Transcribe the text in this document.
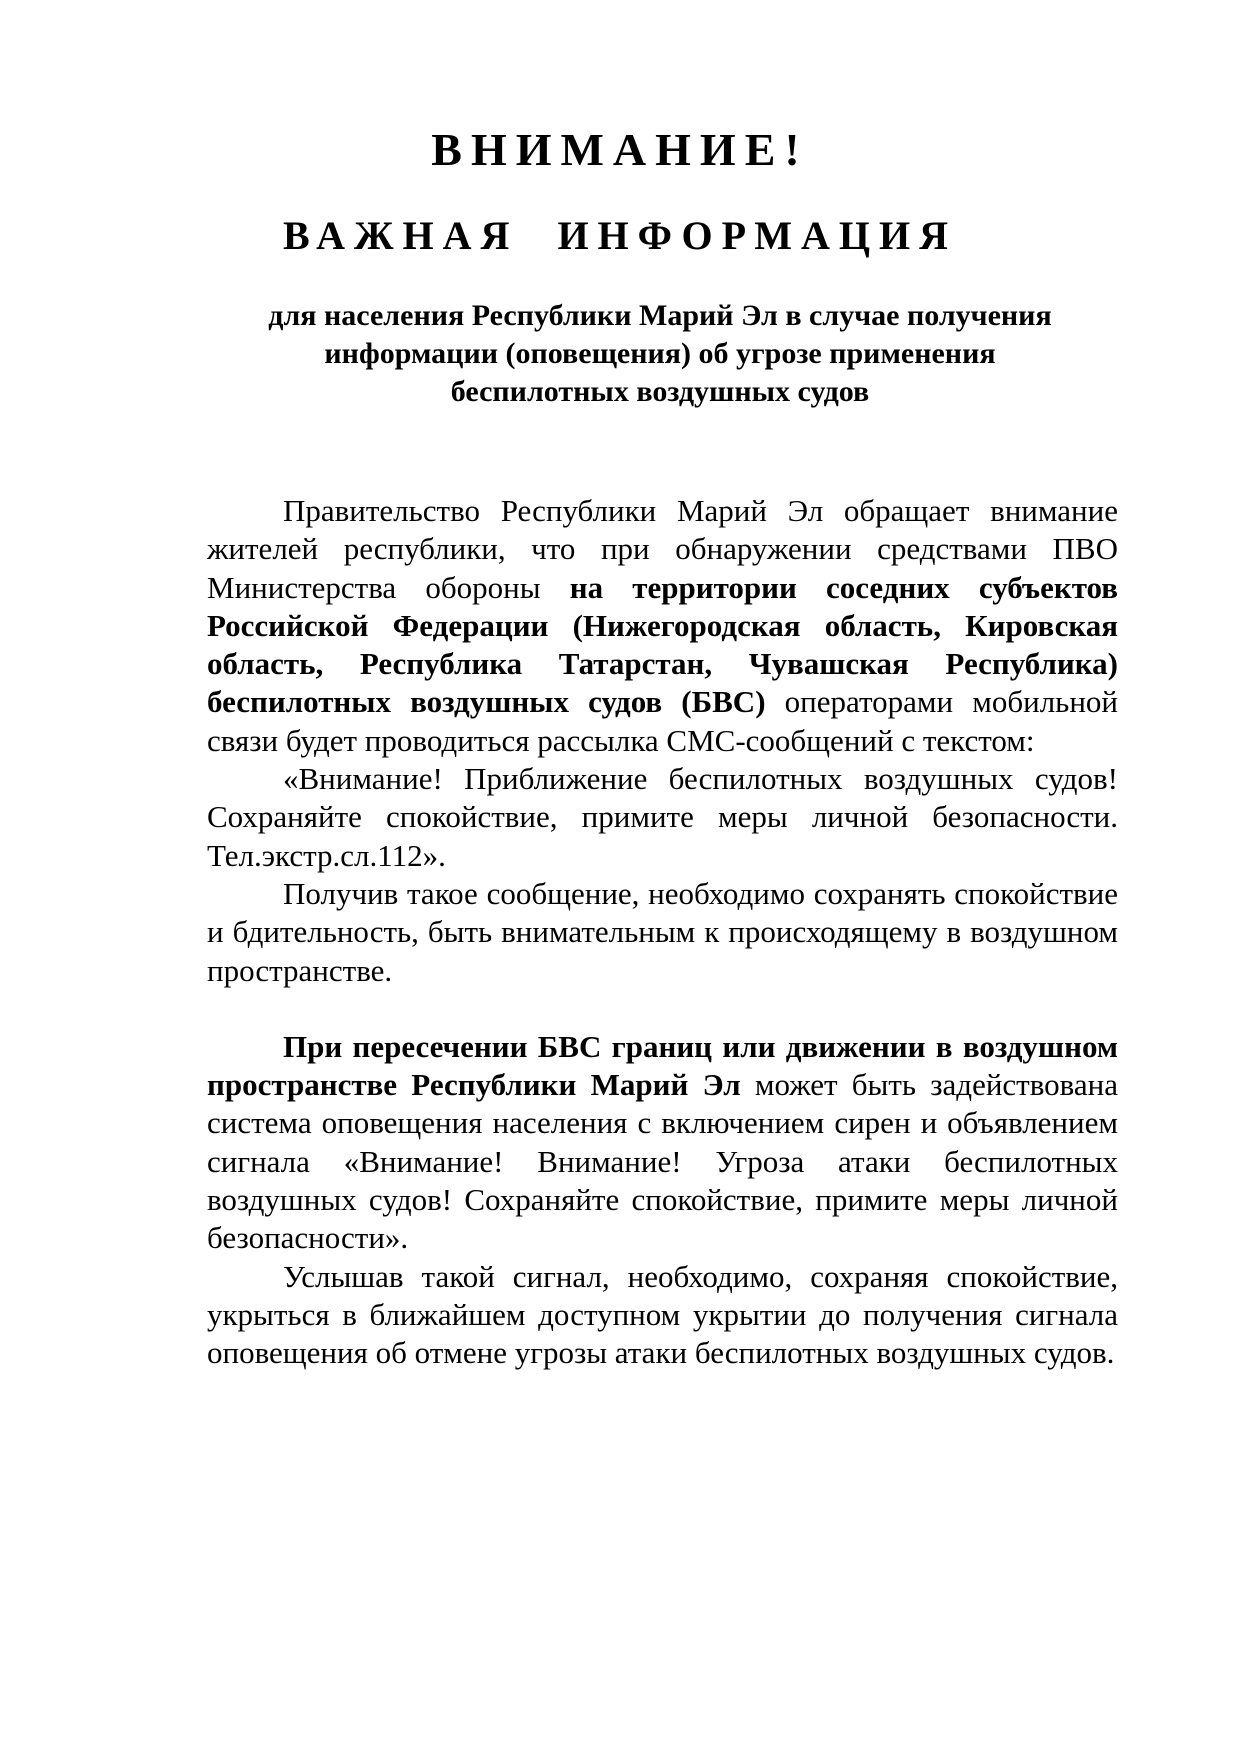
ВНИМАНИЕ!
ВАЖНАЯ ИНФОРМАЦИЯ
для населения Республики Марий Эл в случае получения
информации (оповещения) об угрозе применения
беспилотных воздушных судов

Правительство Республики Марий Эл обращает внимание жителей республики, что при обнаружении средствами ПВО Министерства обороны на территории соседних субъектов Российской Федерации (Нижегородская область, Кировская область, Республика Татарстан, Чувашская Республика) беспилотных воздушных судов (БВС) операторами мобильной связи будет проводиться рассылка СМС-сообщений с текстом:

«Внимание! Приближение беспилотных воздушных судов! Сохраняйте спокойствие, примите меры личной безопасности. Тел.экстр.сл.112».

Получив такое сообщение, необходимо сохранять спокойствие и бдительность, быть внимательным к происходящему в воздушном пространстве.

При пересечении БВС границ или движении в воздушном пространстве Республики Марий Эл может быть задействована система оповещения населения с включением сирен и объявлением сигнала «Внимание! Внимание! Угроза атаки беспилотных воздушных судов! Сохраняйте спокойствие, примите меры личной безопасности».

Услышав такой сигнал, необходимо, сохраняя спокойствие, укрыться в ближайшем доступном укрытии до получения сигнала оповещения об отмене угрозы атаки беспилотных воздушных судов.
